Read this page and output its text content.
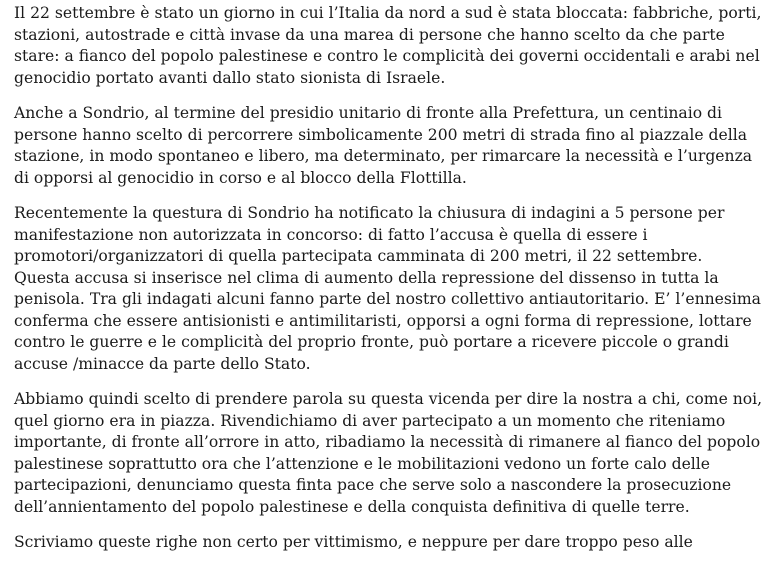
Il 22 settembre è stato un giorno in cui l’Italia da nord a sud è stata bloccata: fabbriche, porti,
stazioni, autostrade e città invase da una marea di persone che hanno scelto da che parte
stare: a fianco del popolo palestinese e contro le complicità dei governi occidentali e arabi nel
genocidio portato avanti dallo stato sionista di Israele.

Anche a Sondrio, al termine del presidio unitario di fronte alla Prefettura, un centinaio di
persone hanno scelto di percorrere simbolicamente 200 metri di strada fino al piazzale della
stazione, in modo spontaneo e libero, ma determinato, per rimarcare la necessità e l’urgenza
di opporsi al genocidio in corso e al blocco della Flottilla.

Recentemente la questura di Sondrio ha notificato la chiusura di indagini a 5 persone per
manifestazione non autorizzata in concorso: di fatto l’accusa è quella di essere i
promotori/organizzatori di quella partecipata camminata di 200 metri, il 22 settembre.
Questa accusa si inserisce nel clima di aumento della repressione del dissenso in tutta la
penisola. Tra gli indagati alcuni fanno parte del nostro collettivo antiautoritario. E’ l’ennesima
conferma che essere antisionisti e antimilitaristi, opporsi a ogni forma di repressione, lottare
contro le guerre e le complicità del proprio fronte, può portare a ricevere piccole o grandi
accuse /minacce da parte dello Stato.

Abbiamo quindi scelto di prendere parola su questa vicenda per dire la nostra a chi, come noi,
quel giorno era in piazza. Rivendichiamo di aver partecipato a un momento che riteniamo
importante, di fronte all’orrore in atto, ribadiamo la necessità di rimanere al fianco del popolo
palestinese soprattutto ora che l’attenzione e le mobilitazioni vedono un forte calo delle
partecipazioni, denunciamo questa finta pace che serve solo a nascondere la prosecuzione
dell’annientamento del popolo palestinese e della conquista definitiva di quelle terre.

Scriviamo queste righe non certo per vittimismo, e neppure per dare troppo peso alle
